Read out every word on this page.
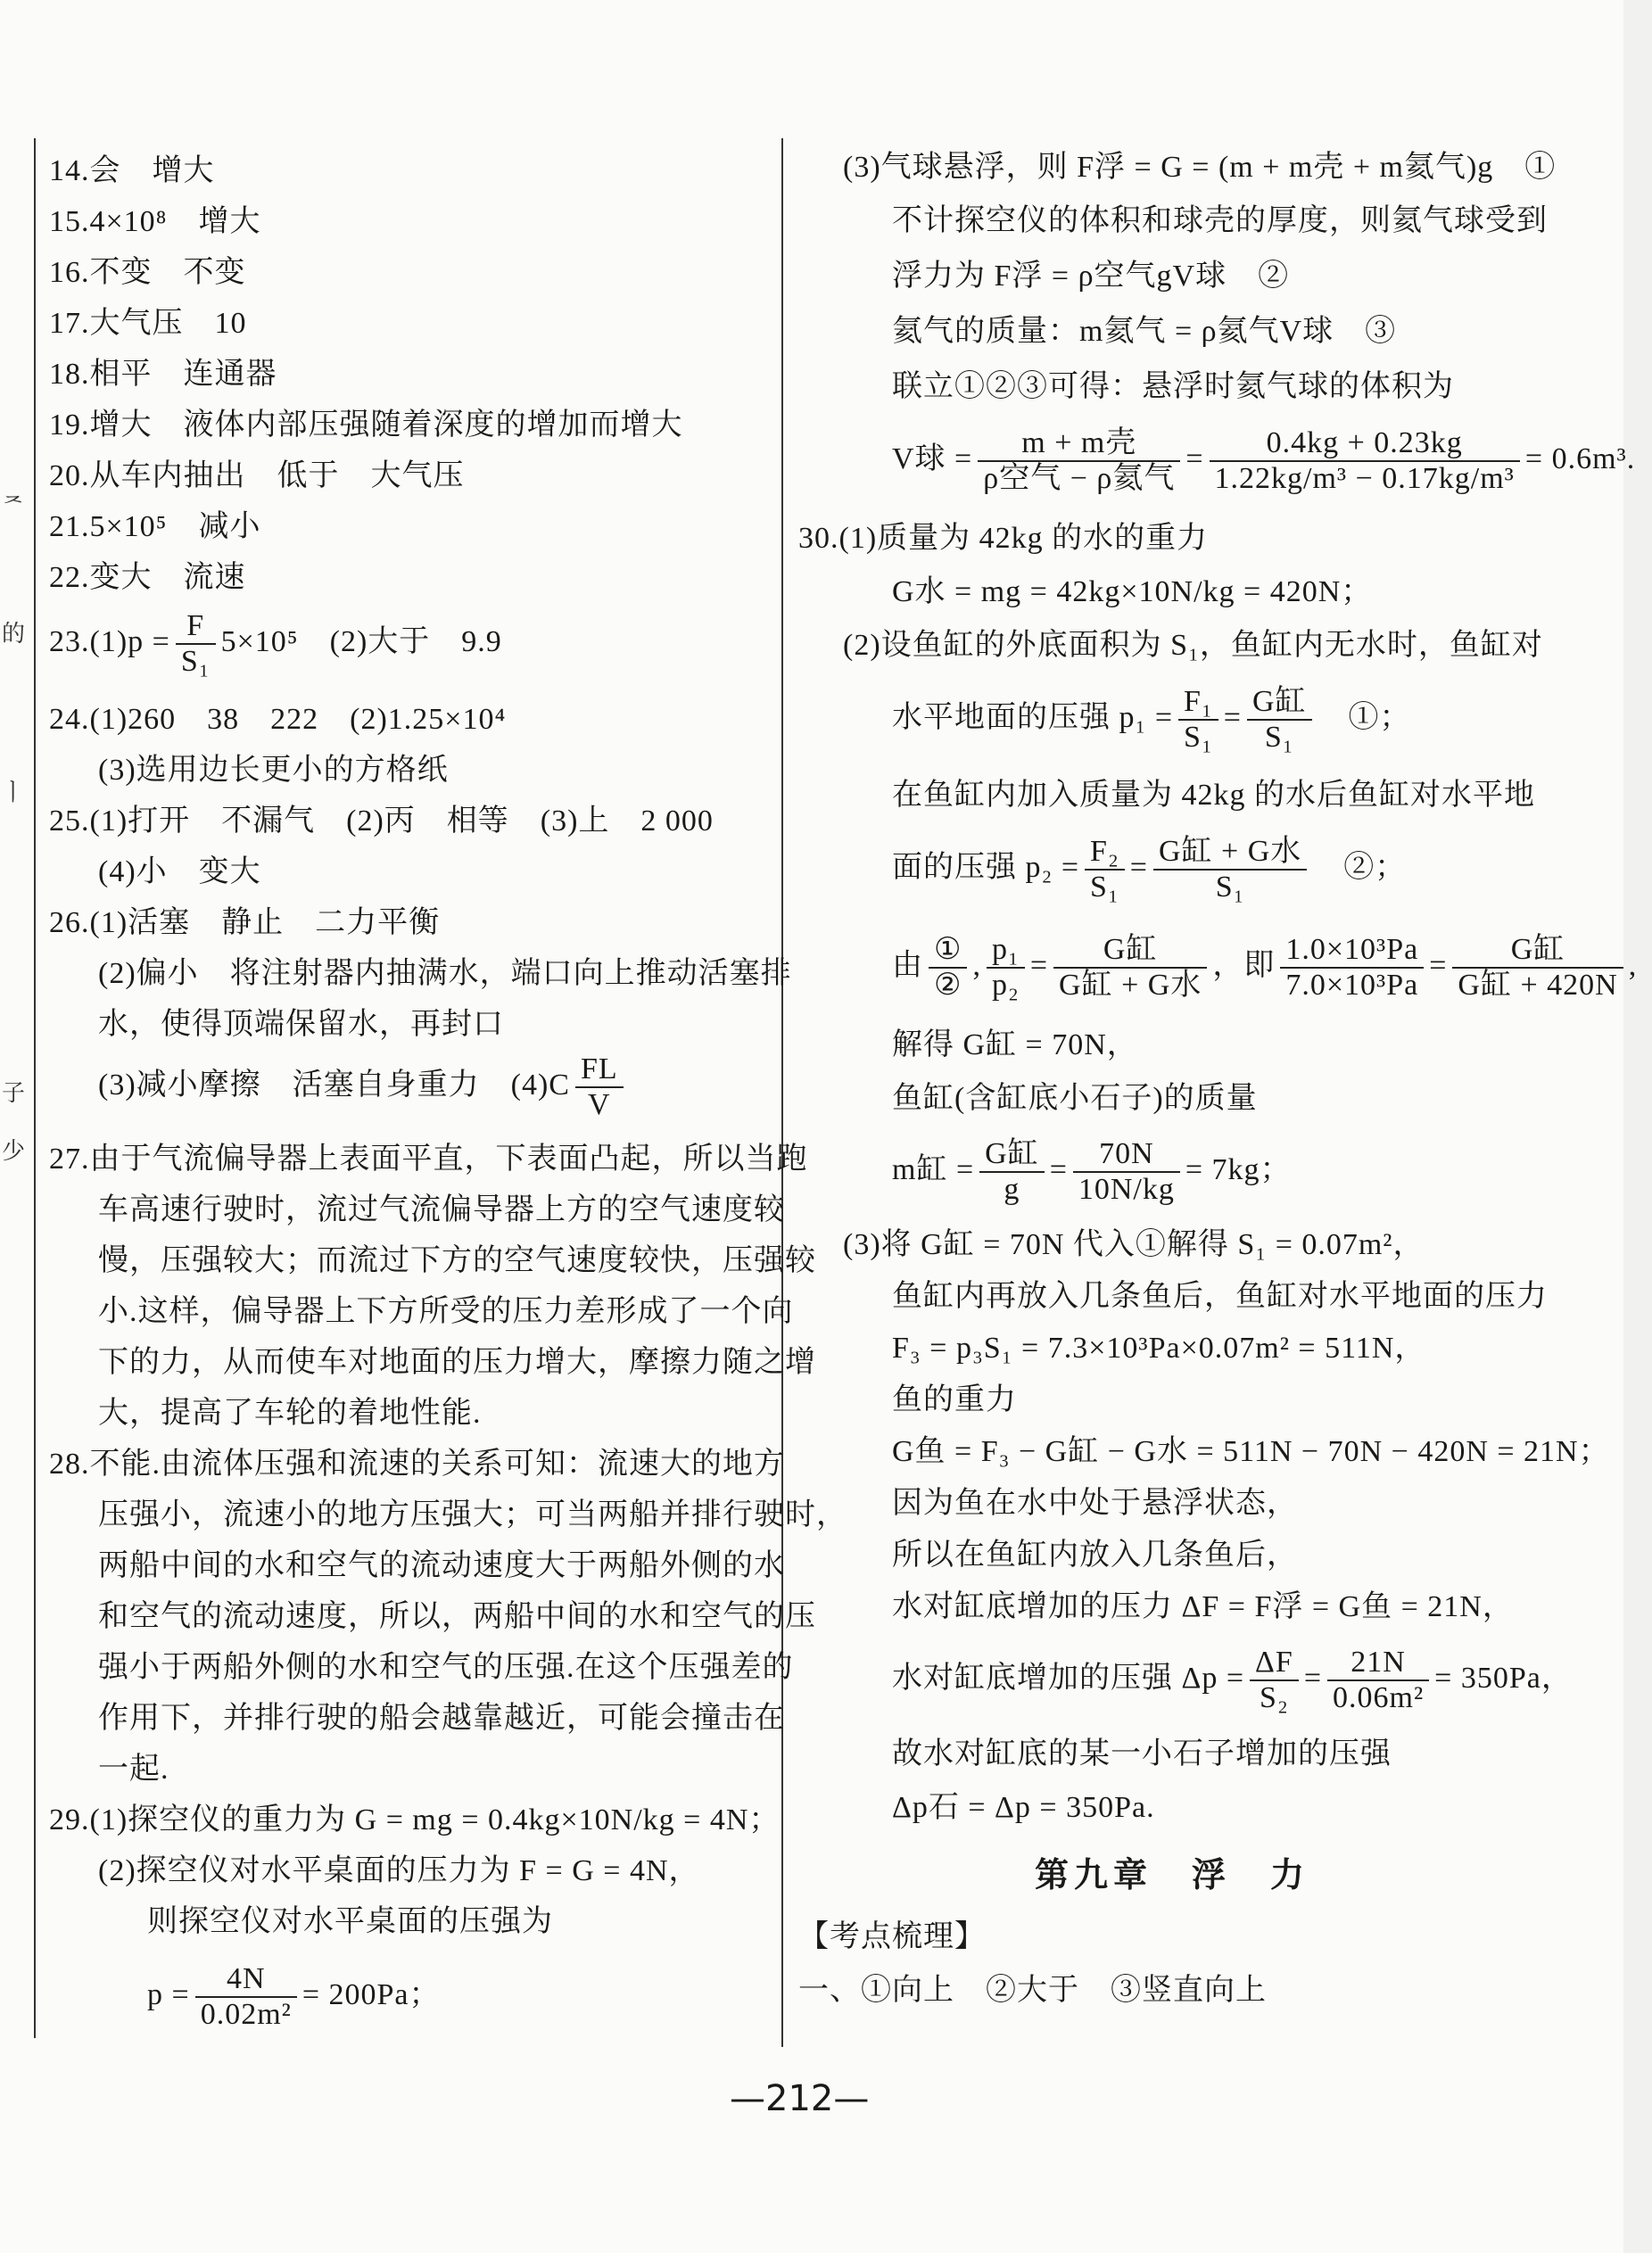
ᄌ
的
ㅣ
子
少
14.会　增大
15.4×10⁸　增大
16.不变　不变
17.大气压　10
18.相平　连通器
19.增大　液体内部压强随着深度的增加而增大
20.从车内抽出　低于　大气压
21.5×10⁵　减小
22.变大　流速
$23.(1)p = \frac{F}{\text{S₁}} 5\times 10^5$　(2)大于　9.9
24.(1)260　38　222　(2)1.25×10⁴
(3)选用边长更小的方格纸
25.(1)打开　不漏气　(2)丙　相等　(3)上　2 000
(4)小　变大
26.(1)活塞　静止　二力平衡
(2)偏小　将注射器内抽满水，端口向上推动活塞排
水，使得顶端保留水，再封口
(3)减小摩擦　活塞自身重力　$(4)C \frac{FL}{V}$
27.由于气流偏导器上表面平直，下表面凸起，所以当跑
车高速行驶时，流过气流偏导器上方的空气速度较
慢，压强较大；而流过下方的空气速度较快，压强较
小.这样，偏导器上下方所受的压力差形成了一个向
下的力，从而使车对地面的压力增大，摩擦力随之增
大，提高了车轮的着地性能.
28.不能.由流体压强和流速的关系可知：流速大的地方
压强小，流速小的地方压强大；可当两船并排行驶时，
两船中间的水和空气的流动速度大于两船外侧的水
和空气的流动速度，所以，两船中间的水和空气的压
强小于两船外侧的水和空气的压强.在这个压强差的
作用下，并排行驶的船会越靠越近，可能会撞击在
一起.
29.(1)探空仪的重力为 G = mg = 0.4kg×10N/kg = 4N；
(2)探空仪对水平桌面的压力为 F = G = 4N，
则探空仪对水平桌面的压强为
$p = \frac{4N}{\text{0.02m²}} = 200Pa$；
(3)气球悬浮，则 F浮 = G = (m + m壳 + m氦气)g　①
不计探空仪的体积和球壳的厚度，则氦气球受到
浮力为 F浮 = ρ空气gV球　②
氦气的质量：m氦气 = ρ氦气V球　③
联立①②③可得：悬浮时氦气球的体积为
V球 = $\frac{\text{m + m壳}}{\text{ρ空气 − ρ氦气}} = \frac{0.4kg + 0.23kg}{\text{1.22kg/m³ − 0.17kg/m³}} = 0.6m^3$.
30.(1)质量为 42kg 的水的重力
G水 = mg = 42kg×10N/kg = 420N；
(2)设鱼缸的外底面积为 S₁，鱼缸内无水时，鱼缸对
水平地面的压强 $p_1 = \frac{\text{F₁}}{\text{S₁}} = \frac{\text{G缸}}{\text{S₁}}$
　 ①；
在鱼缸内加入质量为 42kg 的水后鱼缸对水平地
面的压强 $p_2 = \frac{\text{F₂}}{\text{S₁}} = \frac{\text{G缸 + G水}}{\text{S₁}}$
　 ②；
由 $\frac{\text{①}}{\text{②}}$ , $\frac{\text{p₁}}{\text{p₂}} = \frac{\text{G缸}}{\text{G缸 + G水}}$ ，即 $\frac{\text{1.0×10³Pa}}{\text{7.0×10³Pa}} = \frac{\text{G缸}}{\text{G缸 + 420N}}$ ,
解得 G缸 = 70N，
鱼缸(含缸底小石子)的质量
m缸 = $\frac{\text{G缸}}{g} = \frac{70N}{10N/kg} = 7kg$；
(3)将 G缸 = 70N 代入①解得 S₁ = 0.07m²，
鱼缸内再放入几条鱼后，鱼缸对水平地面的压力
F₃ = p₃S₁ = 7.3×10³Pa×0.07m² = 511N，
鱼的重力
G鱼 = F₃ − G缸 − G水 = 511N − 70N − 420N = 21N；
因为鱼在水中处于悬浮状态，
所以在鱼缸内放入几条鱼后，
水对缸底增加的压力 ΔF = F浮 = G鱼 = 21N，
水对缸底增加的压强 $\Delta p = \frac{\Delta F}{\text{S₂}} = \frac{21N}{\text{0.06m²}} = 350Pa$，
故水对缸底的某一小石子增加的压强
Δp石 = Δp = 350Pa.
第九章　浮　力
【考点梳理】
一、①向上　②大于　③竖直向上
—212—
